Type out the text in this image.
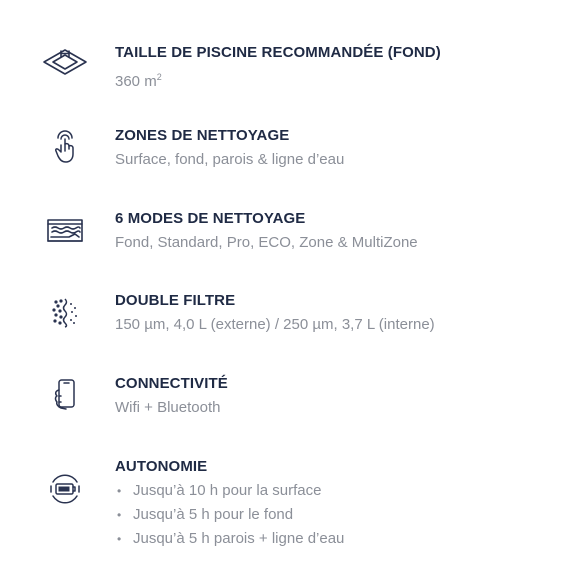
TAILLE DE PISCINE RECOMMANDÉE (FOND)
360 $m^2$
ZONES DE NETTOYAGE
Surface, fond, parois & ligne d’eau
6 MODES DE NETTOYAGE
Fond, Standard, Pro, ECO, Zone & MultiZone
DOUBLE FILTRE
150 µm, 4,0 L (externe) / 250 µm, 3,7 L (interne)
CONNECTIVITÉ
Wifi + Bluetooth
AUTONOMIE
• Jusqu’à 10 h pour la surface
• Jusqu’à 5 h pour le fond
• Jusqu’à 5 h parois + ligne d’eau
